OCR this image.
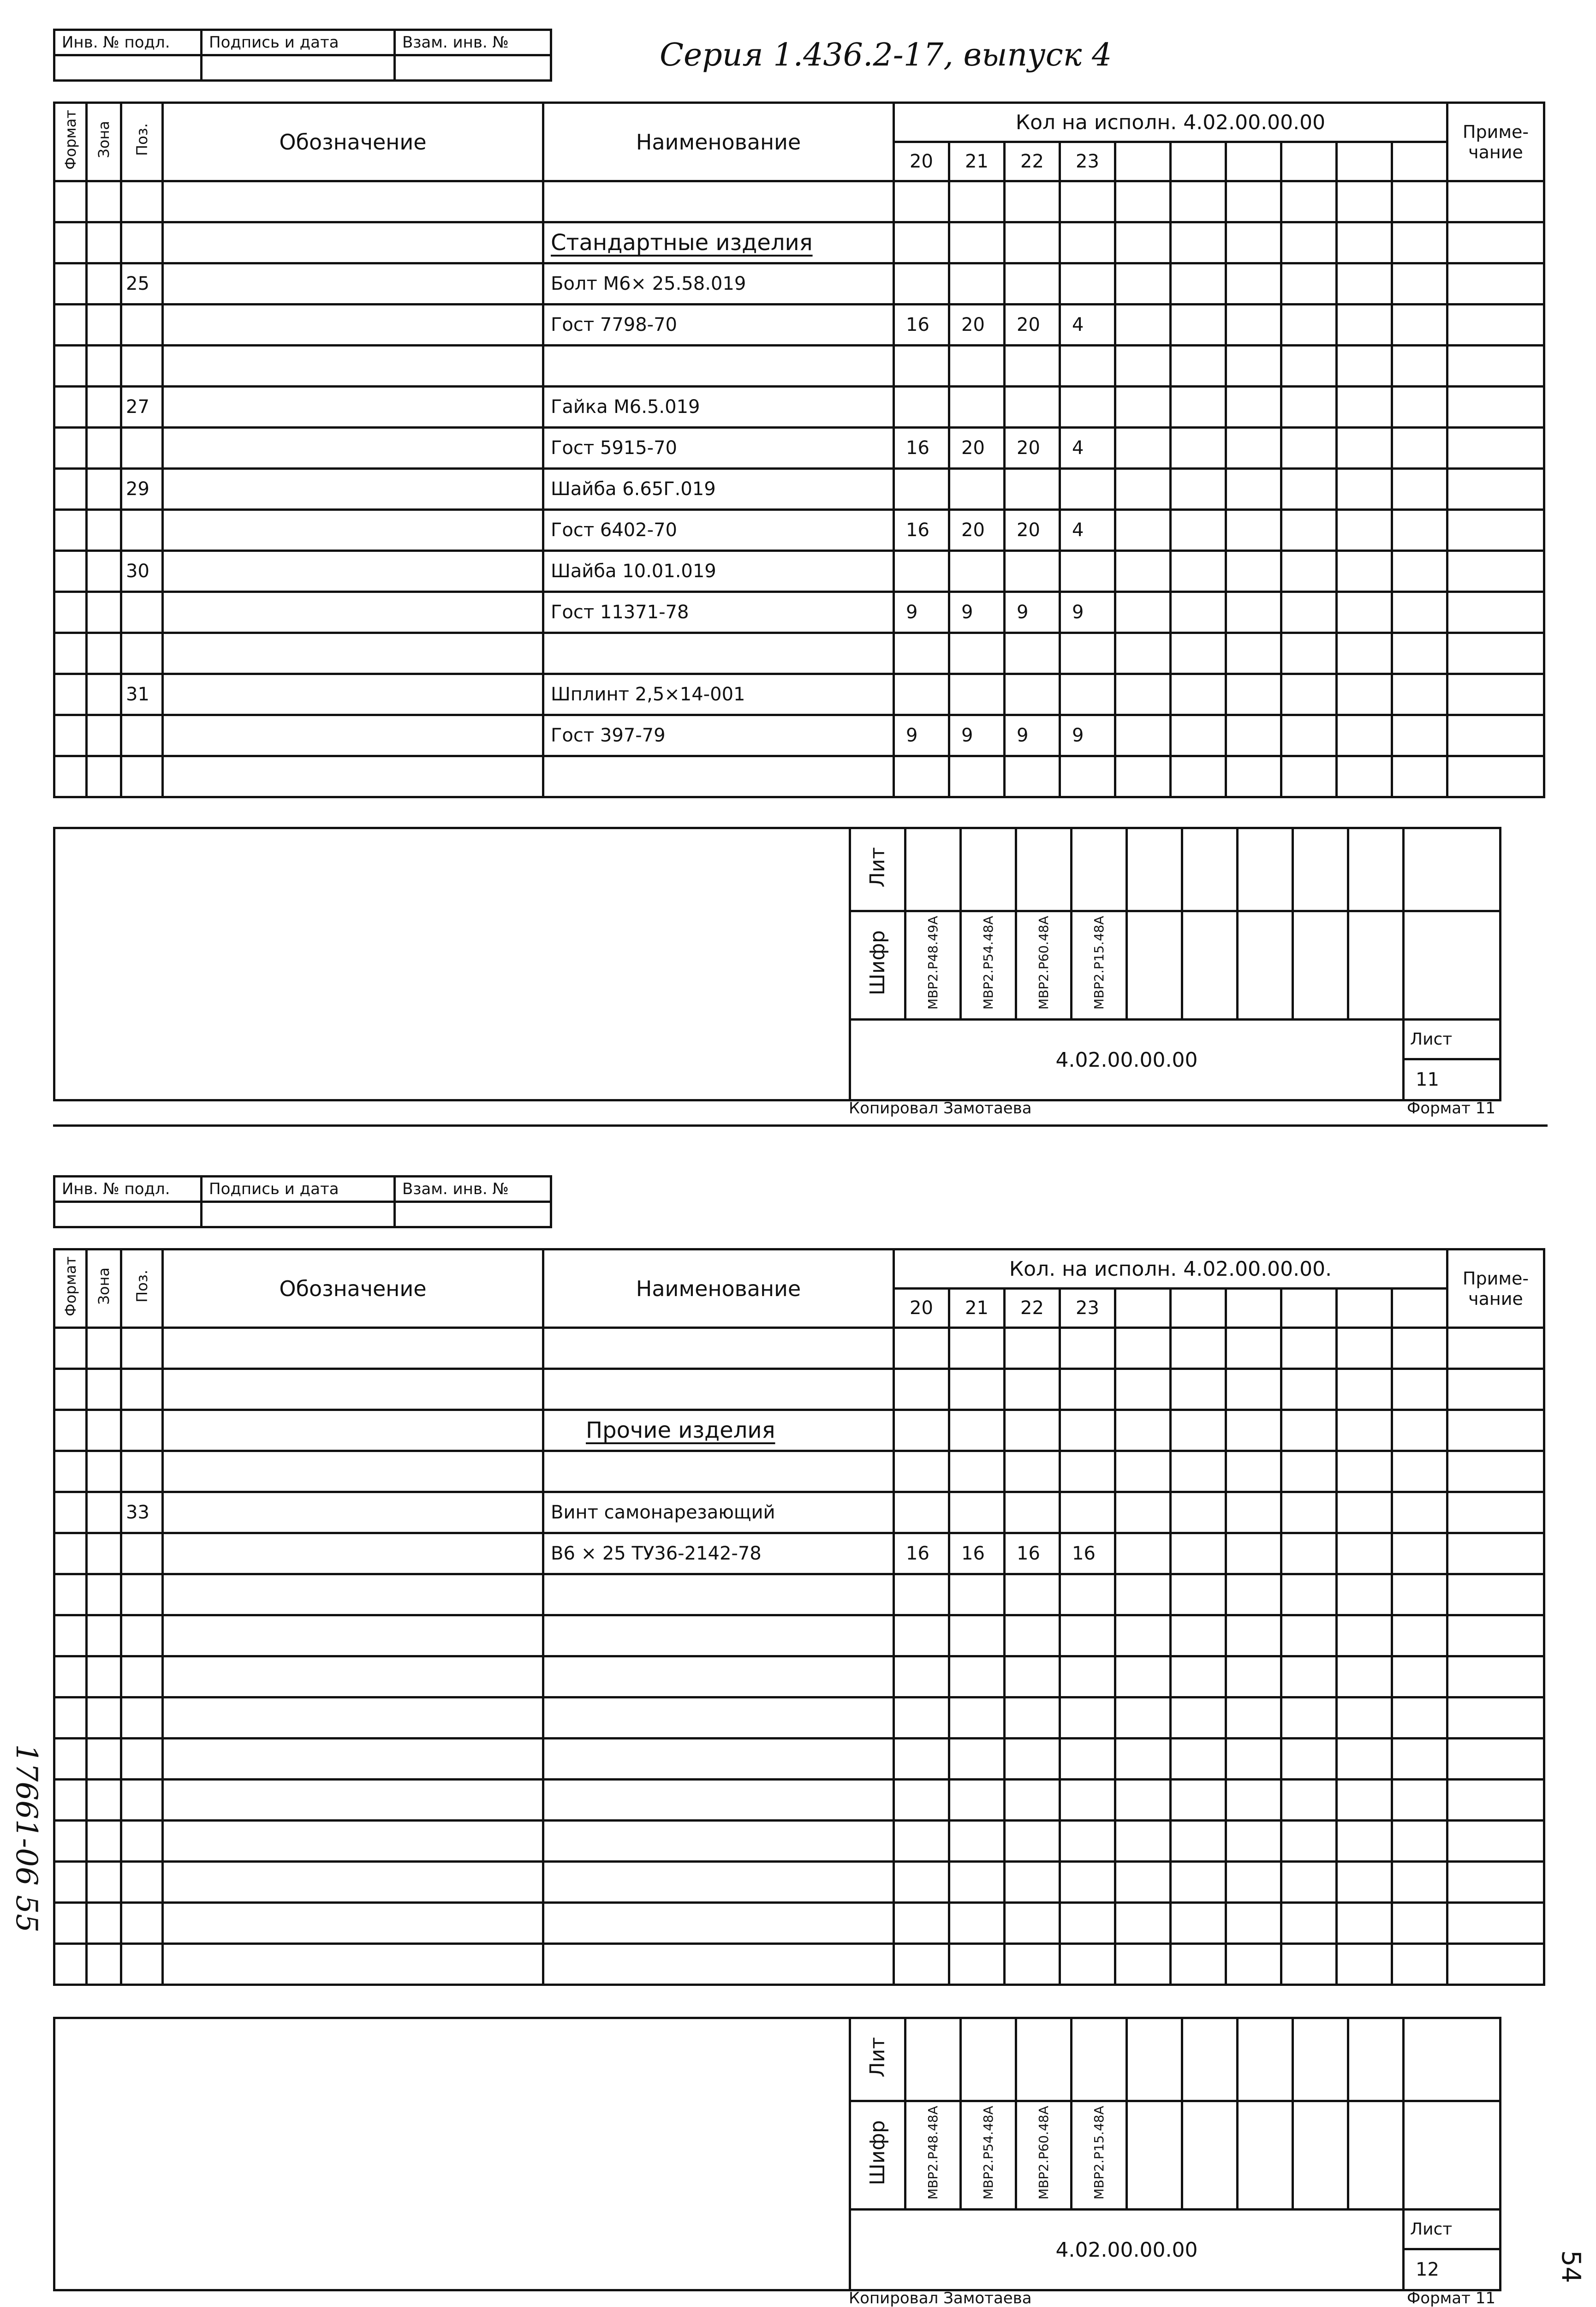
Серия 1.436.2-17, выпуск 4
17661-06 55
54
Инв. № подл.	Подпись и дата	Взам. инв. №

Формат	Зона	Поз.	Обозначение	Наименование	Кол на исполн. 4.02.00.00.00										Приме-
чание
					20	21	22	23							

				Стандартные изделия											
		25		Болт М6× 25.58.019											
				Гост 7798-70	16	20	20	4							

		27		Гайка М6.5.019											
				Гост 5915-70	16	20	20	4							
		29		Шайба 6.65Г.019											
				Гост 6402-70	16	20	20	4							
		30		Шайба 10.01.019											
				Гост 11371-78	9	9	9	9							

		31		Шплинт 2,5×14-001											
				Гост 397-79	9	9	9	9							

	Лит										
	Шифр	МВР2.Р48.49А	МВР2.Р54.48А	МВР2.Р60.48А	МВР2.Р15.48А						
	4.02.00.00.00										Лист
11
Копировал Замотаева	Формат 11
Инв. № подл.	Подпись и дата	Взам. инв. №

Формат	Зона	Поз.	Обозначение	Наименование	Кол. на исполн. 4.02.00.00.00.										Приме-
чание
					20	21	22	23							

				Прочие изделия											

		33		Винт самонарезающий											
				В6 × 25 ТУ36-2142-78	16	16	16	16							

	Лит										
	Шифр	МВР2.Р48.48А	МВР2.Р54.48А	МВР2.Р60.48А	МВР2.Р15.48А						
	4.02.00.00.00										Лист
12
Копировал Замотаева	Формат 11
